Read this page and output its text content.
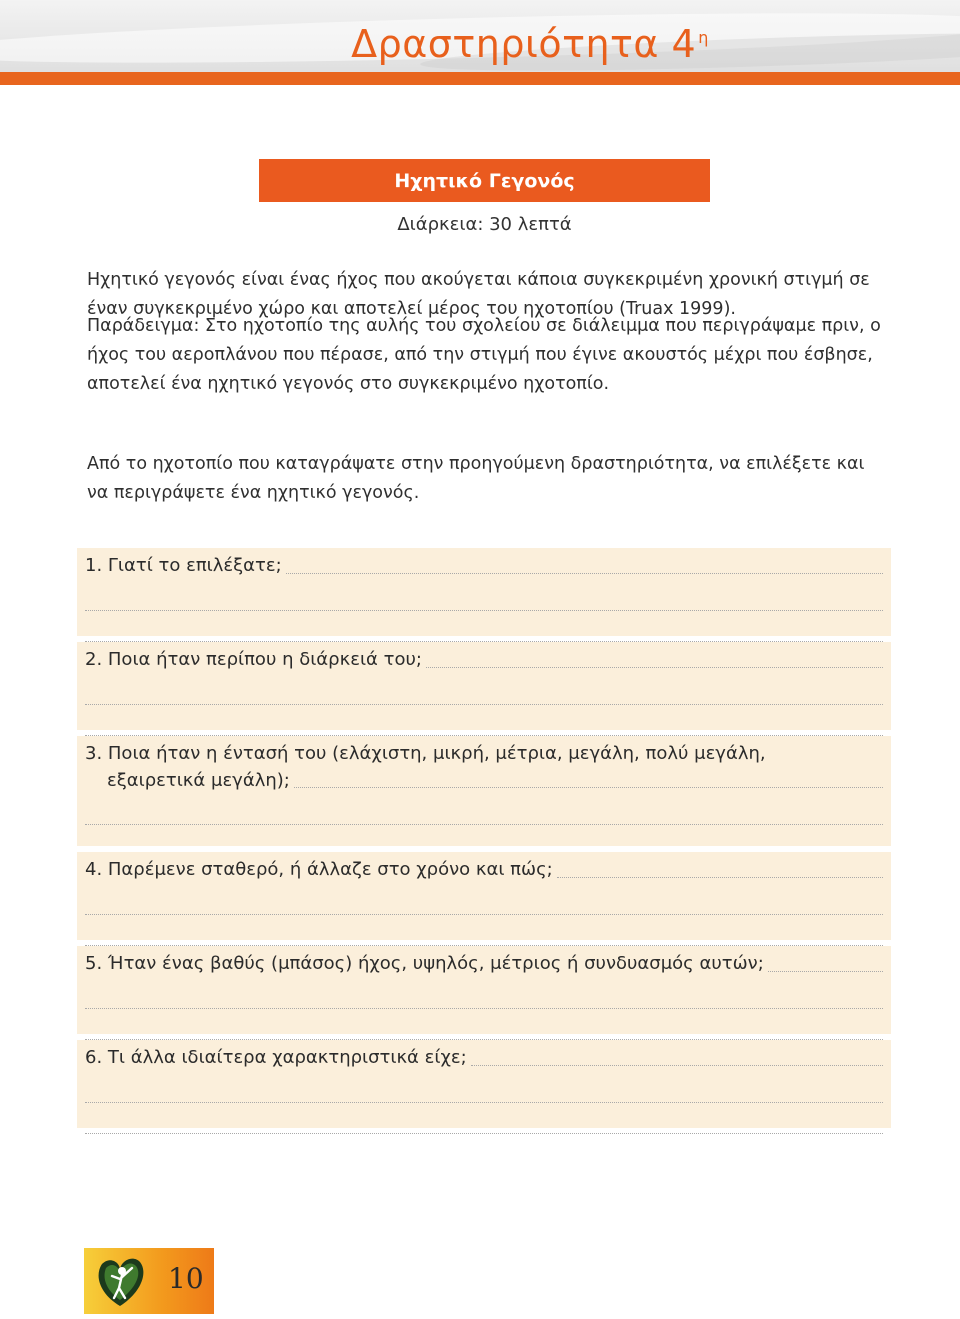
Δραστηριότητα 4 $^\eta$
Ηχητικό Γεγονός
Διάρκεια: 30 λεπτά

Ηχητικό γεγονός είναι ένας ήχος που ακούγεται κάποια συγκεκριμένη χρονική στιγμή σε έναν συγκεκριμένο χώρο και αποτελεί μέρος του ηχοτοπίου (Truax 1999).

Παράδειγμα: Στο ηχοτοπίο της αυλής του σχολείου σε διάλειμμα που περιγράψαμε πριν, ο ήχος του αεροπλάνου που πέρασε, από την στιγμή που έγινε ακουστός μέχρι που έσβησε, αποτελεί ένα ηχητικό γεγονός στο συγκεκριμένο ηχοτοπίο.

Από το ηχοτοπίο που καταγράψατε στην προηγούμενη δραστηριότητα, να επιλέξετε και να περιγράψετε ένα ηχητικό γεγονός.

1. Γιατί το επιλέξατε;
2. Ποια ήταν περίπου η διάρκειά του;
3. Ποια ήταν η έντασή του (ελάχιστη, μικρή, μέτρια, μεγάλη, πολύ μεγάλη,
εξαιρετικά μεγάλη);
4. Παρέμενε σταθερό, ή άλλαζε στο χρόνο και πώς;
5. Ήταν ένας βαθύς (μπάσος) ήχος, υψηλός, μέτριος ή συνδυασμός αυτών;
6. Τι άλλα ιδιαίτερα χαρακτηριστικά είχε;
10
